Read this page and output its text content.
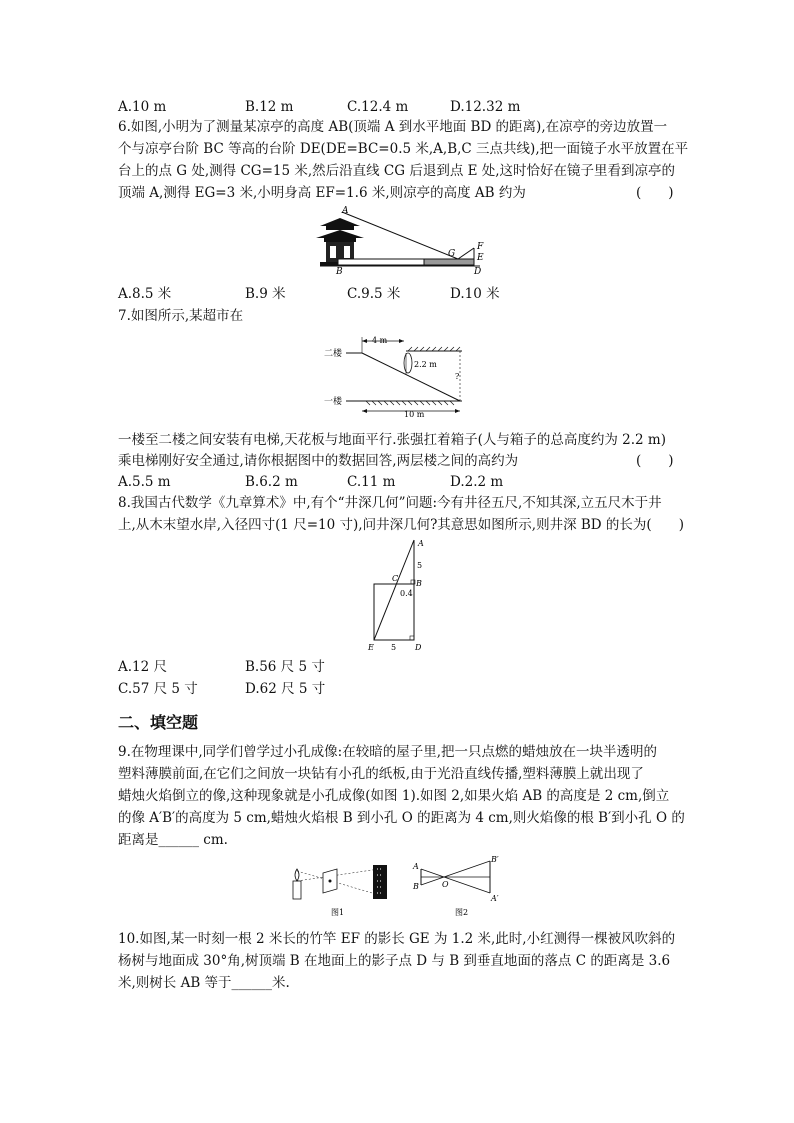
A.10 m	B.12 m	C.12.4 m	D.12.32 m
6.如图,小明为了测量某凉亭的高度 AB(顶端 A 到水平地面 BD 的距离),在凉亭的旁边放置一
个与凉亭台阶 BC 等高的台阶 DE(DE=BC=0.5 米,A,B,C 三点共线),把一面镜子水平放置在平
台上的点 G 处,测得 CG=15 米,然后沿直线 CG 后退到点 E 处,这时恰好在镜子里看到凉亭的
顶端 A,测得 EG=3 米,小明身高 EF=1.6 米,则凉亭的高度 AB 约为	(　　)
A
B
G
F
E
D
A.8.5 米	B.9 米	C.9.5 米	D.10 米
7.如图所示,某超市在
4 m
二楼
2.2 m
?
一楼
10 m
一楼至二楼之间安装有电梯,天花板与地面平行.张强扛着箱子(人与箱子的总高度约为 2.2 m)
乘电梯刚好安全通过,请你根据图中的数据回答,两层楼之间的高约为	(　　)
A.5.5 m	B.6.2 m	C.11 m	D.2.2 m
8.我国古代数学《九章算术》中,有个“井深几何”问题:今有井径五尺,不知其深,立五尺木于井
上,从木末望水岸,入径四寸(1 尺=10 寸),问井深几何?其意思如图所示,则井深 BD 的长为(　　)
A
5
C
B
0.4
E 5 D
A.12 尺	B.56 尺 5 寸
C.57 尺 5 寸	D.62 尺 5 寸
二、填空题
9.在物理课中,同学们曾学过小孔成像:在较暗的屋子里,把一只点燃的蜡烛放在一块半透明的
塑料薄膜前面,在它们之间放一块钻有小孔的纸板,由于光沿直线传播,塑料薄膜上就出现了
蜡烛火焰倒立的像,这种现象就是小孔成像(如图 1).如图 2,如果火焰 AB 的高度是 2 cm,倒立
的像 A′B′的高度为 5 cm,蜡烛火焰根 B 到小孔 O 的距离为 4 cm,则火焰像的根 B′到小孔 O 的
距离是______ cm.
图1
A
B	O
B′
A′
图2
10.如图,某一时刻一根 2 米长的竹竿 EF 的影长 GE 为 1.2 米,此时,小红测得一棵被风吹斜的
杨树与地面成 30°角,树顶端 B 在地面上的影子点 D 与 B 到垂直地面的落点 C 的距离是 3.6
米,则树长 AB 等于______米.
